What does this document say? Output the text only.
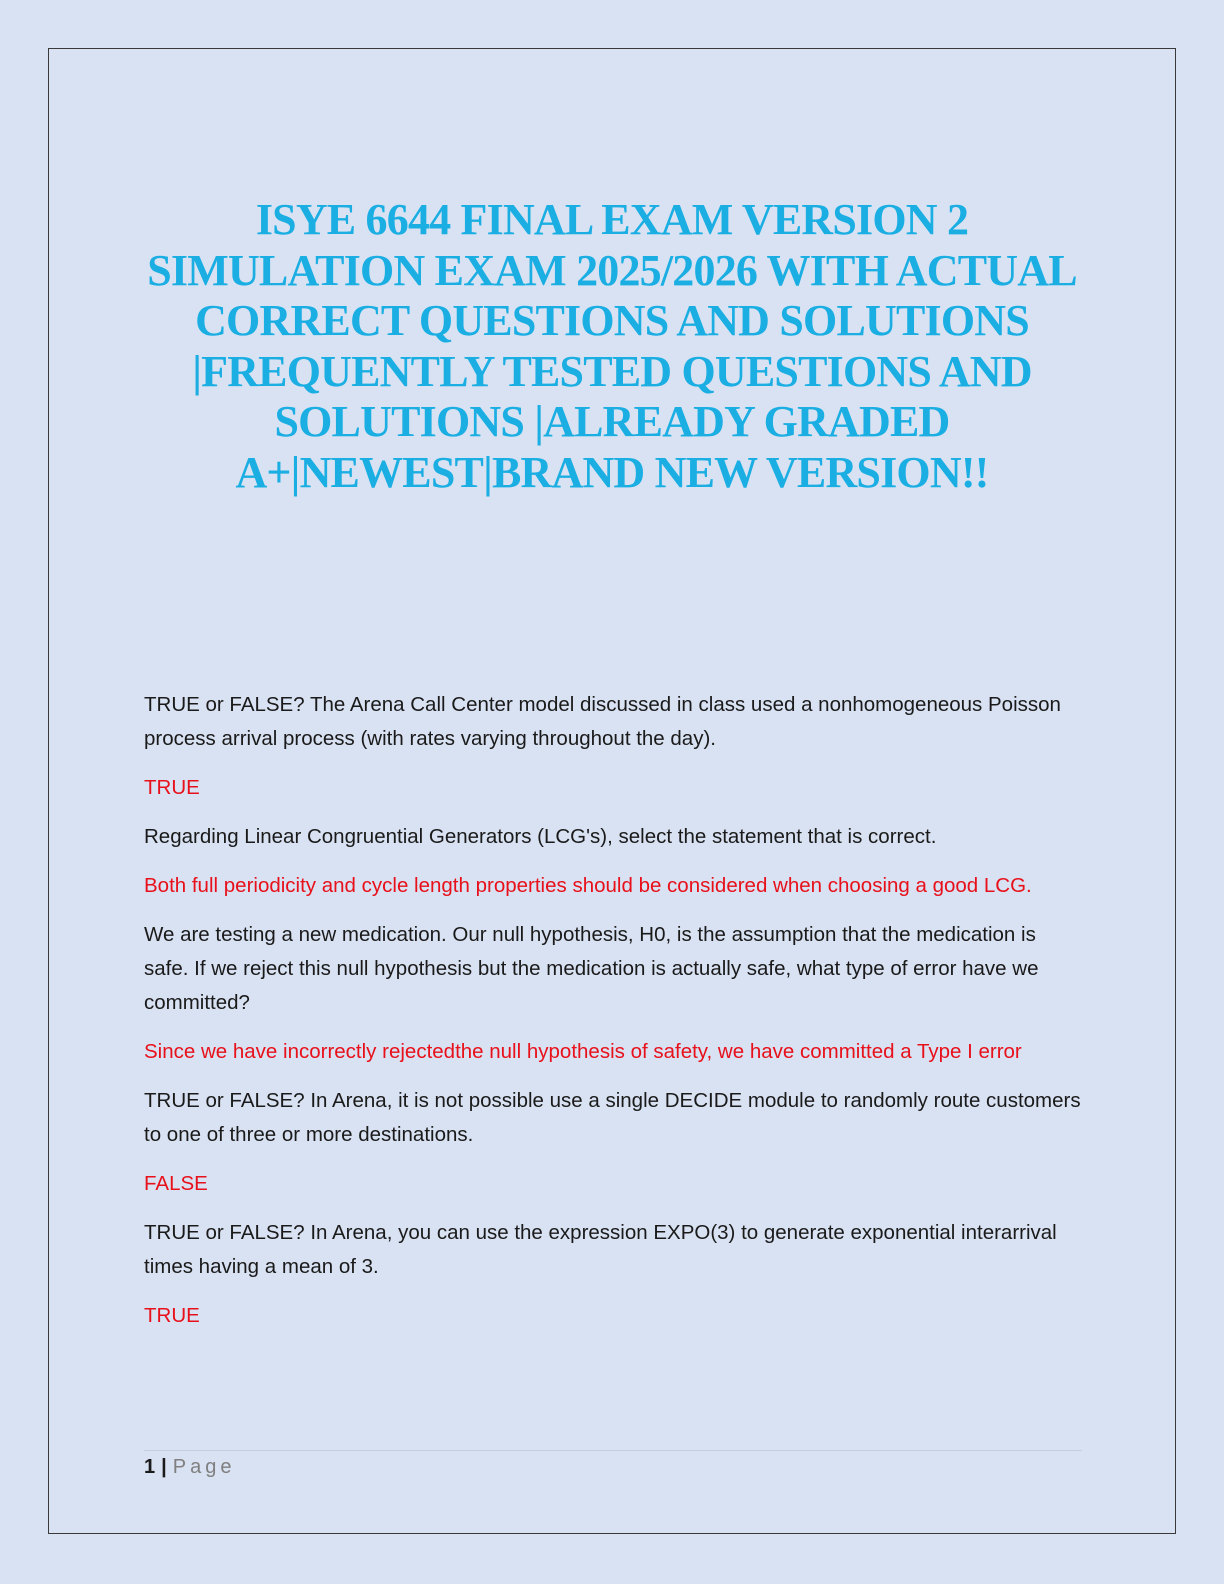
ISYE 6644 FINAL EXAM VERSION 2
SIMULATION EXAM 2025/2026 WITH ACTUAL
CORRECT QUESTIONS AND SOLUTIONS
|FREQUENTLY TESTED QUESTIONS AND
SOLUTIONS |ALREADY GRADED
A+|NEWEST|BRAND NEW VERSION!!

TRUE or FALSE? The Arena Call Center model discussed in class used a nonhomogeneous Poisson process arrival process (with rates varying throughout the day).

TRUE

Regarding Linear Congruential Generators (LCG's), select the statement that is correct.

Both full periodicity and cycle length properties should be considered when choosing a good LCG.

We are testing a new medication. Our null hypothesis, H0, is the assumption that the medication is safe. If we reject this null hypothesis but the medication is actually safe, what type of error have we committed?

Since we have incorrectly rejectedthe null hypothesis of safety, we have committed a Type I error

TRUE or FALSE? In Arena, it is not possible use a single DECIDE module to randomly route customers to one of three or more destinations.

FALSE

TRUE or FALSE? In Arena, you can use the expression EXPO(3) to generate exponential interarrival times having a mean of 3.

TRUE

1 | Page
